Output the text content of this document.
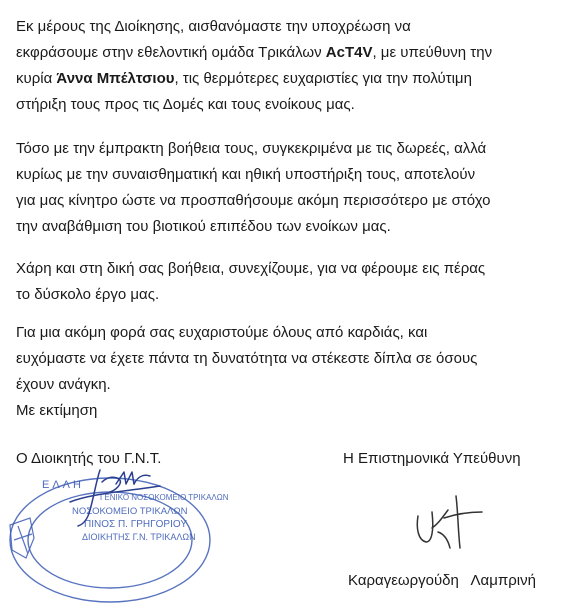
Εκ μέρους της Διοίκησης, αισθανόμαστε την υποχρέωση να
εκφράσουμε στην εθελοντική ομάδα Τρικάλων AcT4V, με υπεύθυνη την
κυρία Άννα Μπέλτσιου, τις θερμότερες ευχαριστίες για την πολύτιμη
στήριξη τους προς τις Δομές και τους ενοίκους μας.

Τόσο με την έμπρακτη βοήθεια τους, συγκεκριμένα με τις δωρεές, αλλά
κυρίως με την συναισθηματική και ηθική υποστήριξη τους, αποτελούν
για μας κίνητρο ώστε να προσπαθήσουμε ακόμη περισσότερο με στόχο
την αναβάθμιση του βιοτικού επιπέδου των ενοίκων μας.

Χάρη και στη δική σας βοήθεια, συνεχίζουμε, για να φέρουμε εις πέρας
το δύσκολο έργο μας.

Για μια ακόμη φορά σας ευχαριστούμε όλους από καρδιάς, και
ευχόμαστε να έχετε πάντα τη δυνατότητα να στέκεστε δίπλα σε όσους
έχουν ανάγκη.

Με εκτίμηση
Ο Διοικητής του Γ.Ν.Τ.	Η Επιστημονικά Υπεύθυνη
ΕΛΛΗ
ΓΕΝΙΚΟ ΝΟΣΟΚΟΜΕΙΟ ΤΡΙΚΑΛΩΝ
ΝΟΣΟΚΟΜΕΙΟ ΤΡΙΚΑΛΩΝ
ΠΙΝΟΣ Π. ΓΡΗΓΟΡΙΟΥ
ΔΙΟΙΚΗΤΗΣ Γ.Ν. ΤΡΙΚΑΛΩΝ
Καραγεωργούδη   Λαμπρινή
